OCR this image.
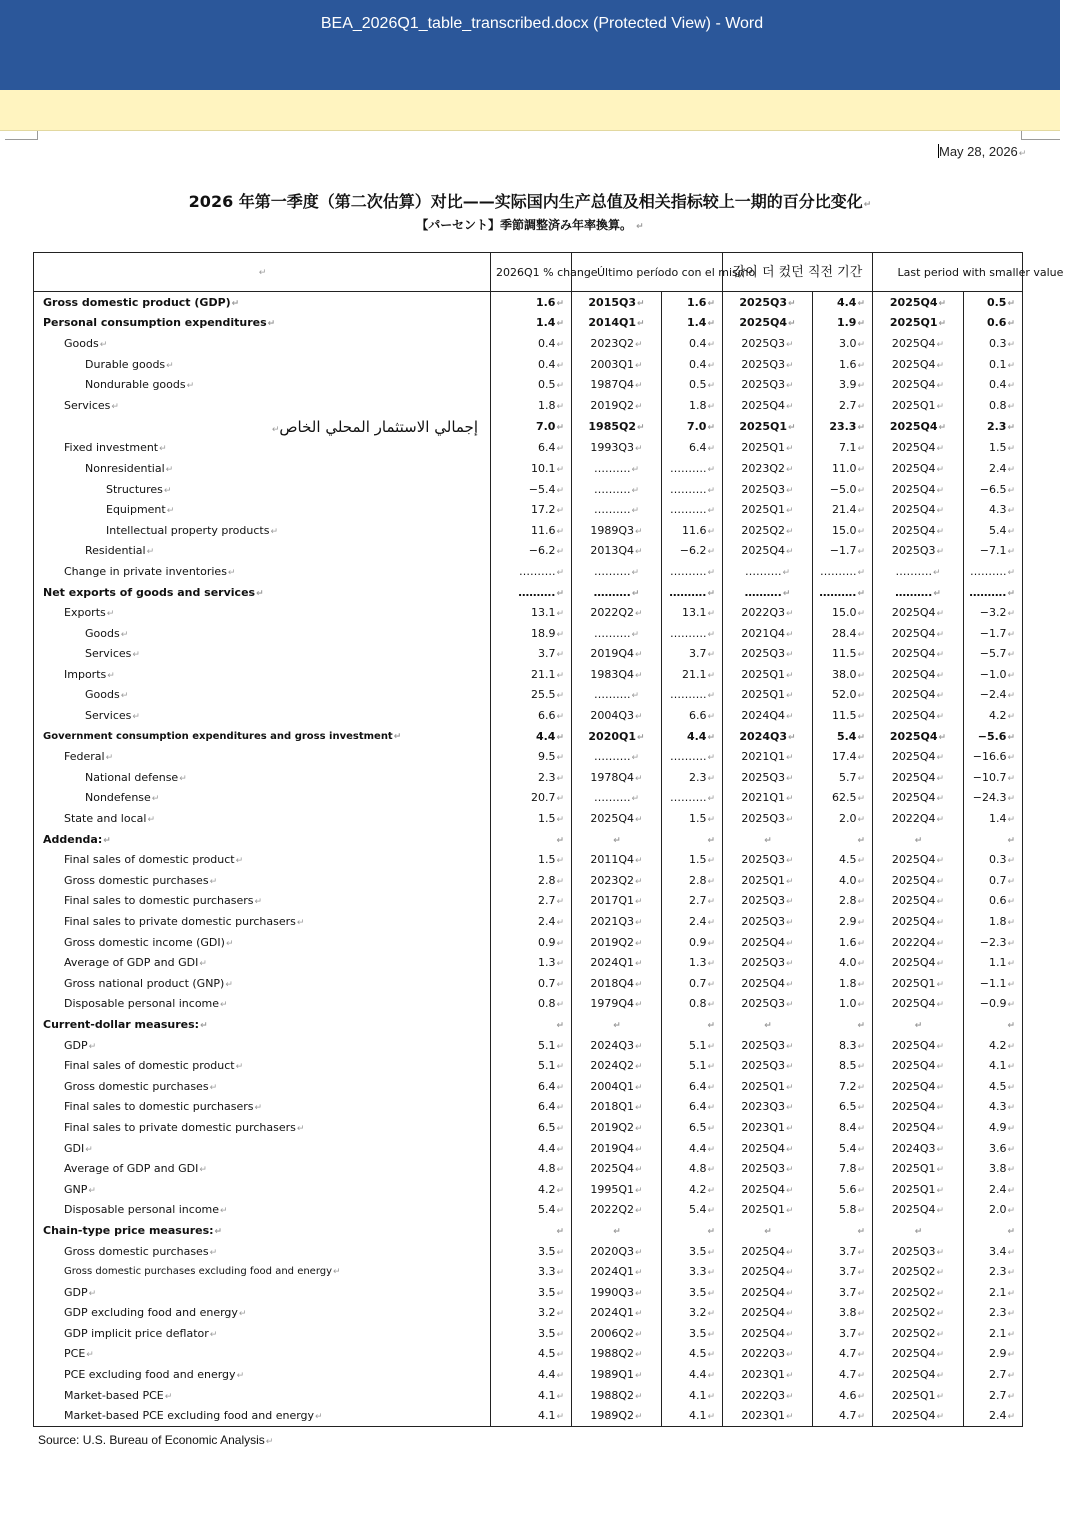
BEA_2026Q1_table_transcribed.docx (Protected View) - Word
May 28, 2026↵
2026 年第一季度（第二次估算）对比——实际国内生产总值及相关指标较上一期的百分比变化↵
【パーセント】季節調整済み年率換算。 ↵
↵	2026Q1 % change	Último período con el mismo		값이 더 컸던 직전 기간		Last period with smaller value	
Gross domestic product (GDP)↵	1.6↵	2015Q3↵	1.6↵	2025Q3↵	4.4↵	2025Q4↵	0.5↵
Personal consumption expenditures↵	1.4↵	2014Q1↵	1.4↵	2025Q4↵	1.9↵	2025Q1↵	0.6↵
Goods↵	0.4↵	2023Q2↵	0.4↵	2025Q3↵	3.0↵	2025Q4↵	0.3↵
Durable goods↵	0.4↵	2003Q1↵	0.4↵	2025Q3↵	1.6↵	2025Q4↵	0.1↵
Nondurable goods↵	0.5↵	1987Q4↵	0.5↵	2025Q3↵	3.9↵	2025Q4↵	0.4↵
Services↵	1.8↵	2019Q2↵	1.8↵	2025Q4↵	2.7↵	2025Q1↵	0.8↵
↵إجمالي الاستثمار المحلي الخاص	7.0↵	1985Q2↵	7.0↵	2025Q1↵	23.3↵	2025Q4↵	2.3↵
Fixed investment↵	6.4↵	1993Q3↵	6.4↵	2025Q1↵	7.1↵	2025Q4↵	1.5↵
Nonresidential↵	10.1↵	……….↵	……….↵	2023Q2↵	11.0↵	2025Q4↵	2.4↵
Structures↵	−5.4↵	……….↵	……….↵	2025Q3↵	−5.0↵	2025Q4↵	−6.5↵
Equipment↵	17.2↵	……….↵	……….↵	2025Q1↵	21.4↵	2025Q4↵	4.3↵
Intellectual property products↵	11.6↵	1989Q3↵	11.6↵	2025Q2↵	15.0↵	2025Q4↵	5.4↵
Residential↵	−6.2↵	2013Q4↵	−6.2↵	2025Q4↵	−1.7↵	2025Q3↵	−7.1↵
Change in private inventories↵	……….↵	……….↵	……….↵	……….↵	……….↵	……….↵	……….↵
Net exports of goods and services↵	……….↵	……….↵	……….↵	……….↵	……….↵	……….↵	……….↵
Exports↵	13.1↵	2022Q2↵	13.1↵	2022Q3↵	15.0↵	2025Q4↵	−3.2↵
Goods↵	18.9↵	……….↵	……….↵	2021Q4↵	28.4↵	2025Q4↵	−1.7↵
Services↵	3.7↵	2019Q4↵	3.7↵	2025Q3↵	11.5↵	2025Q4↵	−5.7↵
Imports↵	21.1↵	1983Q4↵	21.1↵	2025Q1↵	38.0↵	2025Q4↵	−1.0↵
Goods↵	25.5↵	……….↵	……….↵	2025Q1↵	52.0↵	2025Q4↵	−2.4↵
Services↵	6.6↵	2004Q3↵	6.6↵	2024Q4↵	11.5↵	2025Q4↵	4.2↵
Government consumption expenditures and gross investment↵	4.4↵	2020Q1↵	4.4↵	2024Q3↵	5.4↵	2025Q4↵	−5.6↵
Federal↵	9.5↵	……….↵	……….↵	2021Q1↵	17.4↵	2025Q4↵	−16.6↵
National defense↵	2.3↵	1978Q4↵	2.3↵	2025Q3↵	5.7↵	2025Q4↵	−10.7↵
Nondefense↵	20.7↵	……….↵	……….↵	2021Q1↵	62.5↵	2025Q4↵	−24.3↵
State and local↵	1.5↵	2025Q4↵	1.5↵	2025Q3↵	2.0↵	2022Q4↵	1.4↵
Addenda:↵	↵	↵	↵	↵	↵	↵	↵
Final sales of domestic product↵	1.5↵	2011Q4↵	1.5↵	2025Q3↵	4.5↵	2025Q4↵	0.3↵
Gross domestic purchases↵	2.8↵	2023Q2↵	2.8↵	2025Q1↵	4.0↵	2025Q4↵	0.7↵
Final sales to domestic purchasers↵	2.7↵	2017Q1↵	2.7↵	2025Q3↵	2.8↵	2025Q4↵	0.6↵
Final sales to private domestic purchasers↵	2.4↵	2021Q3↵	2.4↵	2025Q3↵	2.9↵	2025Q4↵	1.8↵
Gross domestic income (GDI)↵	0.9↵	2019Q2↵	0.9↵	2025Q4↵	1.6↵	2022Q4↵	−2.3↵
Average of GDP and GDI↵	1.3↵	2024Q1↵	1.3↵	2025Q3↵	4.0↵	2025Q4↵	1.1↵
Gross national product (GNP)↵	0.7↵	2018Q4↵	0.7↵	2025Q4↵	1.8↵	2025Q1↵	−1.1↵
Disposable personal income↵	0.8↵	1979Q4↵	0.8↵	2025Q3↵	1.0↵	2025Q4↵	−0.9↵
Current-dollar measures:↵	↵	↵	↵	↵	↵	↵	↵
GDP↵	5.1↵	2024Q3↵	5.1↵	2025Q3↵	8.3↵	2025Q4↵	4.2↵
Final sales of domestic product↵	5.1↵	2024Q2↵	5.1↵	2025Q3↵	8.5↵	2025Q4↵	4.1↵
Gross domestic purchases↵	6.4↵	2004Q1↵	6.4↵	2025Q1↵	7.2↵	2025Q4↵	4.5↵
Final sales to domestic purchasers↵	6.4↵	2018Q1↵	6.4↵	2023Q3↵	6.5↵	2025Q4↵	4.3↵
Final sales to private domestic purchasers↵	6.5↵	2019Q2↵	6.5↵	2023Q1↵	8.4↵	2025Q4↵	4.9↵
GDI↵	4.4↵	2019Q4↵	4.4↵	2025Q4↵	5.4↵	2024Q3↵	3.6↵
Average of GDP and GDI↵	4.8↵	2025Q4↵	4.8↵	2025Q3↵	7.8↵	2025Q1↵	3.8↵
GNP↵	4.2↵	1995Q1↵	4.2↵	2025Q4↵	5.6↵	2025Q1↵	2.4↵
Disposable personal income↵	5.4↵	2022Q2↵	5.4↵	2025Q1↵	5.8↵	2025Q4↵	2.0↵
Chain-type price measures:↵	↵	↵	↵	↵	↵	↵	↵
Gross domestic purchases↵	3.5↵	2020Q3↵	3.5↵	2025Q4↵	3.7↵	2025Q3↵	3.4↵
Gross domestic purchases excluding food and energy↵	3.3↵	2024Q1↵	3.3↵	2025Q4↵	3.7↵	2025Q2↵	2.3↵
GDP↵	3.5↵	1990Q3↵	3.5↵	2025Q4↵	3.7↵	2025Q2↵	2.1↵
GDP excluding food and energy↵	3.2↵	2024Q1↵	3.2↵	2025Q4↵	3.8↵	2025Q2↵	2.3↵
GDP implicit price deflator↵	3.5↵	2006Q2↵	3.5↵	2025Q4↵	3.7↵	2025Q2↵	2.1↵
PCE↵	4.5↵	1988Q2↵	4.5↵	2022Q3↵	4.7↵	2025Q4↵	2.9↵
PCE excluding food and energy↵	4.4↵	1989Q1↵	4.4↵	2023Q1↵	4.7↵	2025Q4↵	2.7↵
Market-based PCE↵	4.1↵	1988Q2↵	4.1↵	2022Q3↵	4.6↵	2025Q1↵	2.7↵
Market-based PCE excluding food and energy↵	4.1↵	1989Q2↵	4.1↵	2023Q1↵	4.7↵	2025Q4↵	2.4↵
Source: U.S. Bureau of Economic Analysis↵
